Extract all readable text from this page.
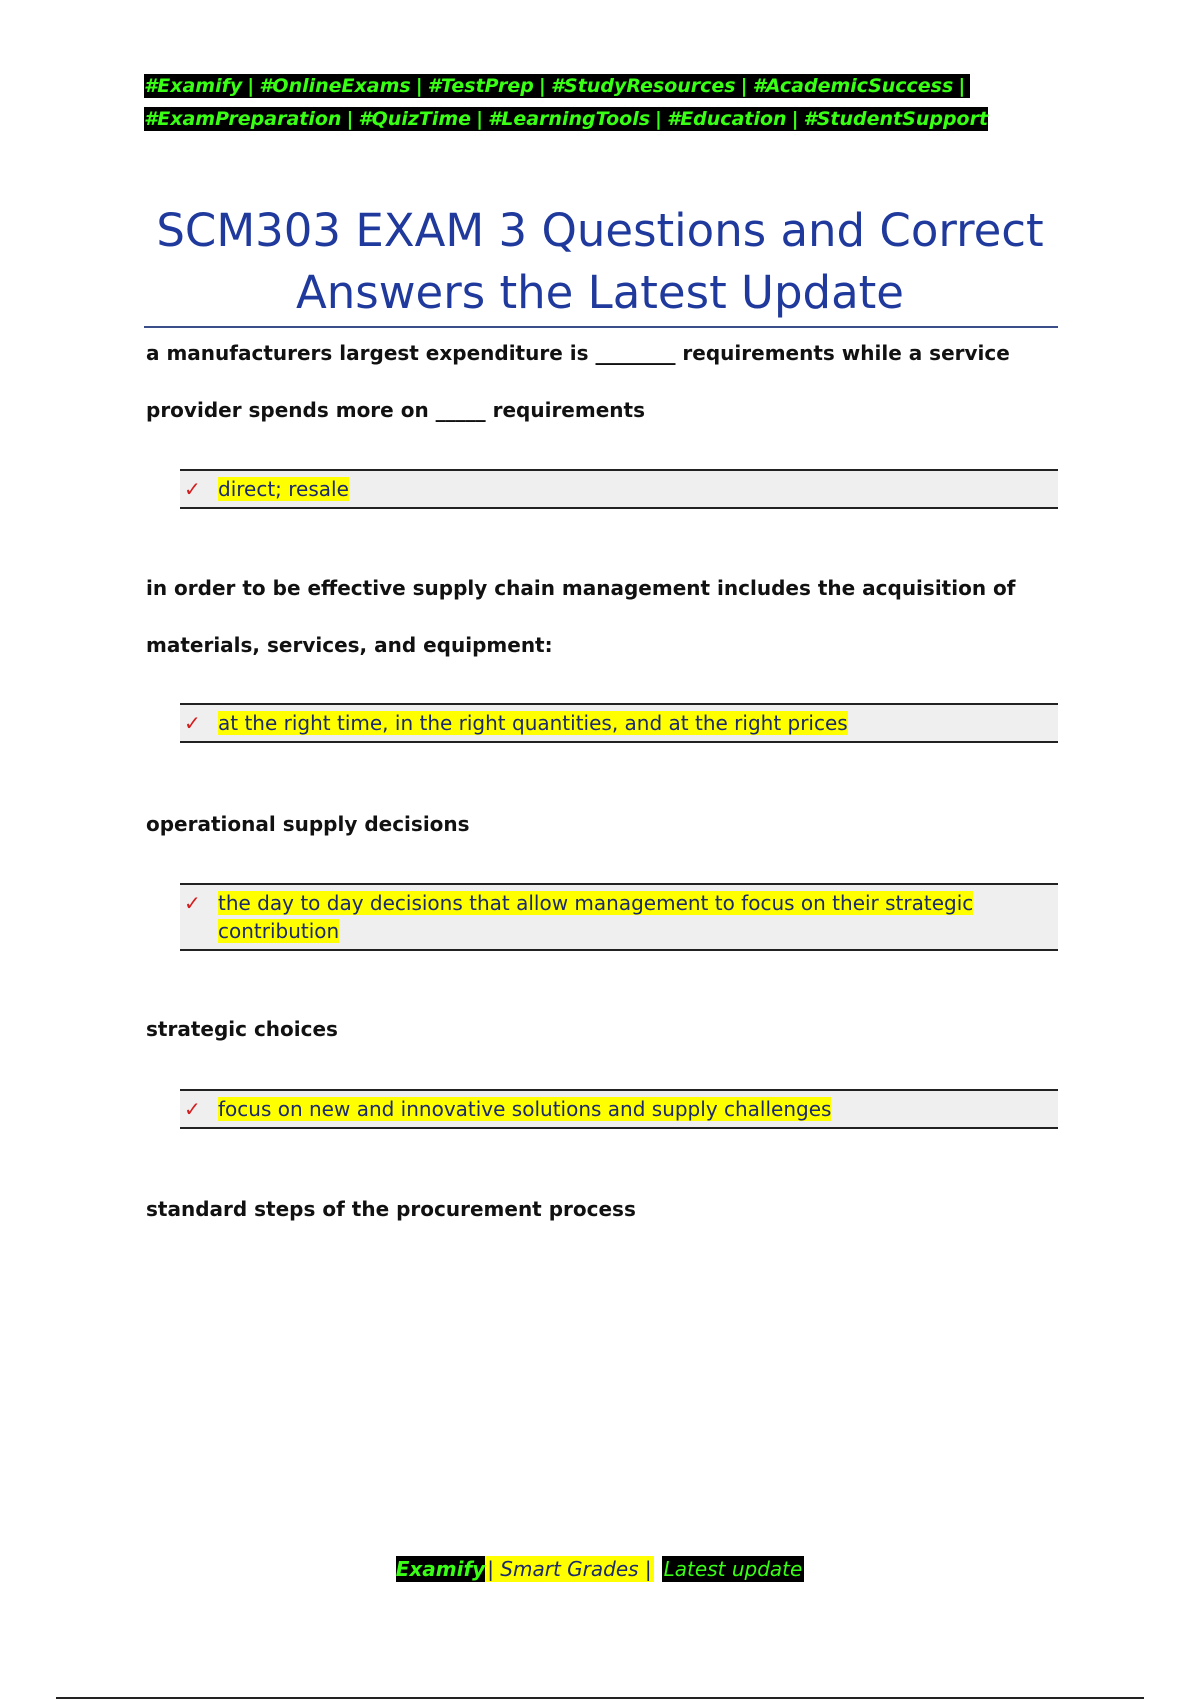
#Examify | #OnlineExams | #TestPrep | #StudyResources | #AcademicSuccess |
#ExamPreparation | #QuizTime | #LearningTools | #Education | #StudentSupport
SCM303 EXAM 3 Questions and Correct
Answers the Latest Update
a manufacturers largest expenditure is ________ requirements while a service
provider spends more on _____ requirements
✓ direct; resale
in order to be effective supply chain management includes the acquisition of
materials, services, and equipment:
✓ at the right time, in the right quantities, and at the right prices
operational supply decisions
✓ the day to day decisions that allow management to focus on their strategic
contribution
strategic choices
✓ focus on new and innovative solutions and supply challenges
standard steps of the procurement process
Examify | Smart Grades | Latest update
